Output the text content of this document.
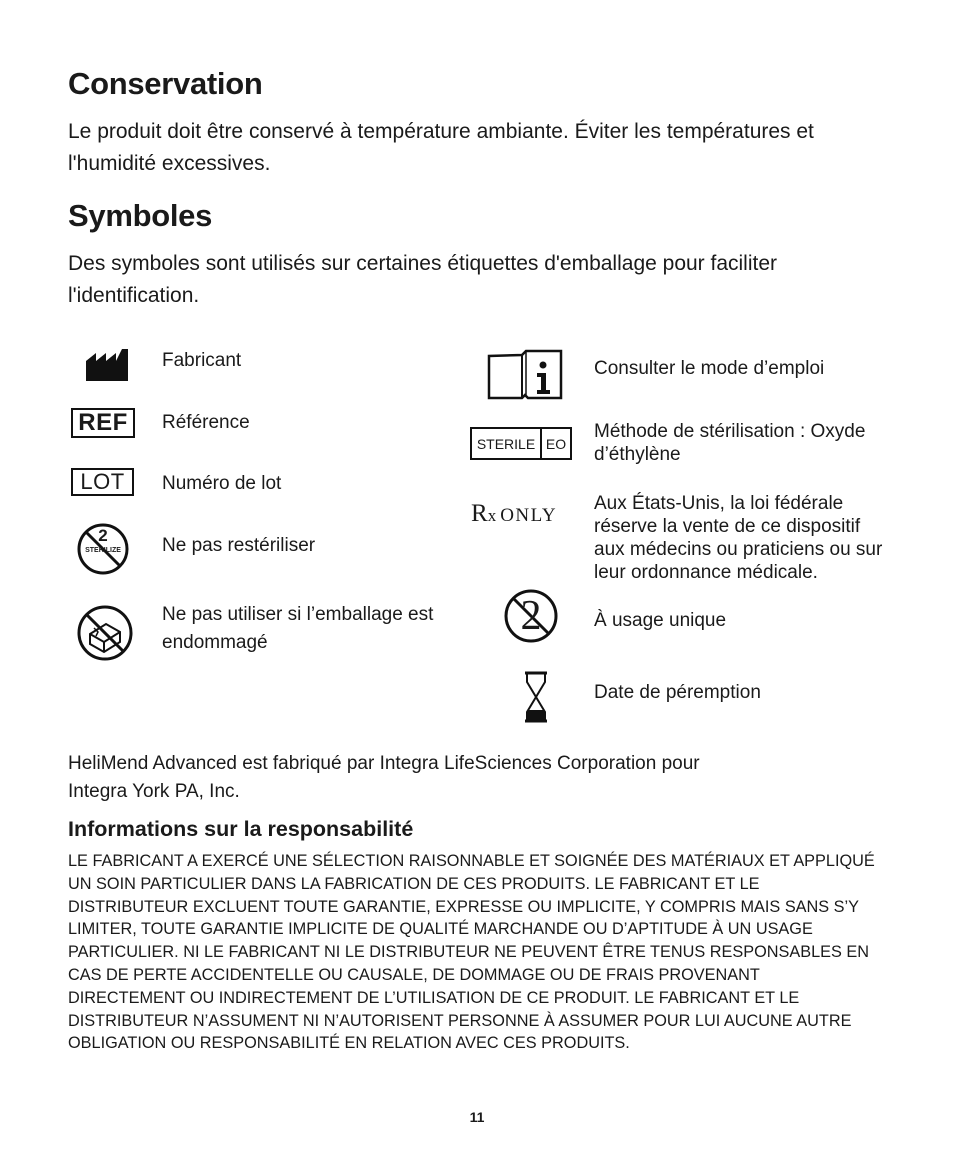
Conservation

Le produit doit être conservé à température ambiante. Éviter les températures et l'humidité excessives.

Symboles

Des symboles sont utilisés sur certaines étiquettes d'emballage pour faciliter l'identification.

Fabricant
REF Référence
LOT Numéro de lot
2
STERILIZE	Ne pas restériliser
Ne pas utiliser si l’emballage est endommagé
Consulter le mode d’emploi
STERILE EO
Méthode de stérilisation : Oxyde d’éthylène
Rx ONLY
Aux États-Unis, la loi fédérale réserve la vente de ce dispositif aux médecins ou praticiens ou sur leur ordonnance médicale.
2	À usage unique
Date de péremption
HeliMend Advanced est fabriqué par Integra LifeSciences Corporation pour Integra York PA, Inc.
Informations sur la responsabilité

LE FABRICANT A EXERCÉ UNE SÉLECTION RAISONNABLE ET SOIGNÉE DES MATÉRIAUX ET APPLIQUÉ UN SOIN PARTICULIER DANS LA FABRICATION DE CES PRODUITS. LE FABRICANT ET LE DISTRIBUTEUR EXCLUENT TOUTE GARANTIE, EXPRESSE OU IMPLICITE, Y COMPRIS MAIS SANS S’Y LIMITER, TOUTE GARANTIE IMPLICITE DE QUALITÉ MARCHANDE OU D’APTITUDE À UN USAGE PARTICULIER. NI LE FABRICANT NI LE DISTRIBUTEUR NE PEUVENT ÊTRE TENUS RESPONSABLES EN CAS DE PERTE ACCIDENTELLE OU CAUSALE, DE DOMMAGE OU DE FRAIS PROVENANT DIRECTEMENT OU INDIRECTEMENT DE L’UTILISATION DE CE PRODUIT. LE FABRICANT ET LE DISTRIBUTEUR N’ASSUMENT NI N’AUTORISENT PERSONNE À ASSUMER POUR LUI AUCUNE AUTRE OBLIGATION OU RESPONSABILITÉ EN RELATION AVEC CES PRODUITS.

11
